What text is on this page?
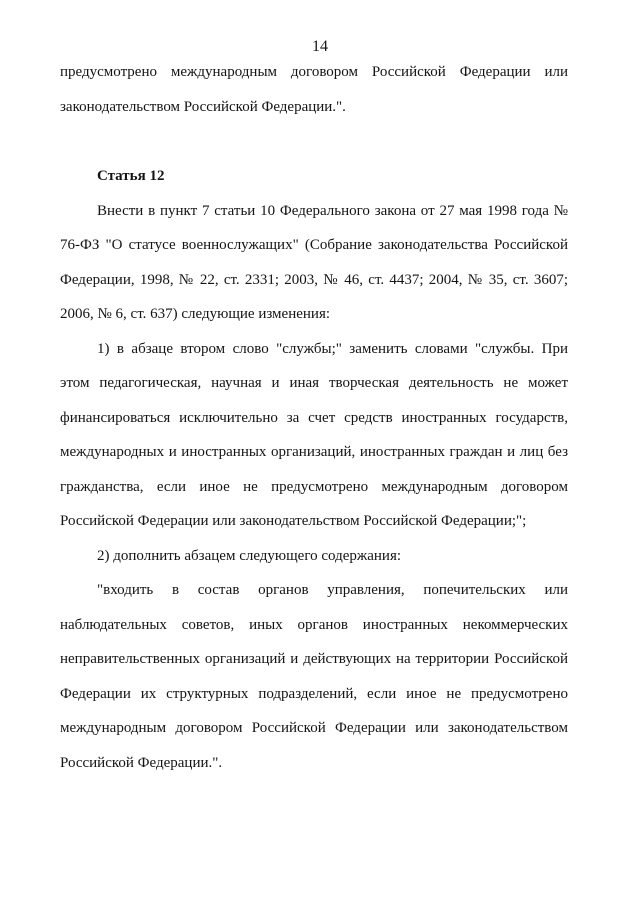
14

предусмотрено международным договором Российской Федерации или законодательством Российской Федерации.".

Статья 12

Внести в пункт 7 статьи 10 Федерального закона от 27 мая 1998 года № 76-ФЗ "О статусе военнослужащих" (Собрание законодательства Российской Федерации, 1998, № 22, ст. 2331; 2003, № 46, ст. 4437; 2004, № 35, ст. 3607; 2006, № 6, ст. 637) следующие изменения:

1) в абзаце втором слово "службы;" заменить словами "службы. При этом педагогическая, научная и иная творческая деятельность не может финансироваться исключительно за счет средств иностранных государств, международных и иностранных организаций, иностранных граждан и лиц без гражданства, если иное не предусмотрено международным договором Российской Федерации или законодательством Российской Федерации;";

2) дополнить абзацем следующего содержания:

"входить в состав органов управления, попечительских или наблюдательных советов, иных органов иностранных некоммерческих неправительственных организаций и действующих на территории Российской Федерации их структурных подразделений, если иное не предусмотрено международным договором Российской Федерации или законодательством Российской Федерации.".
